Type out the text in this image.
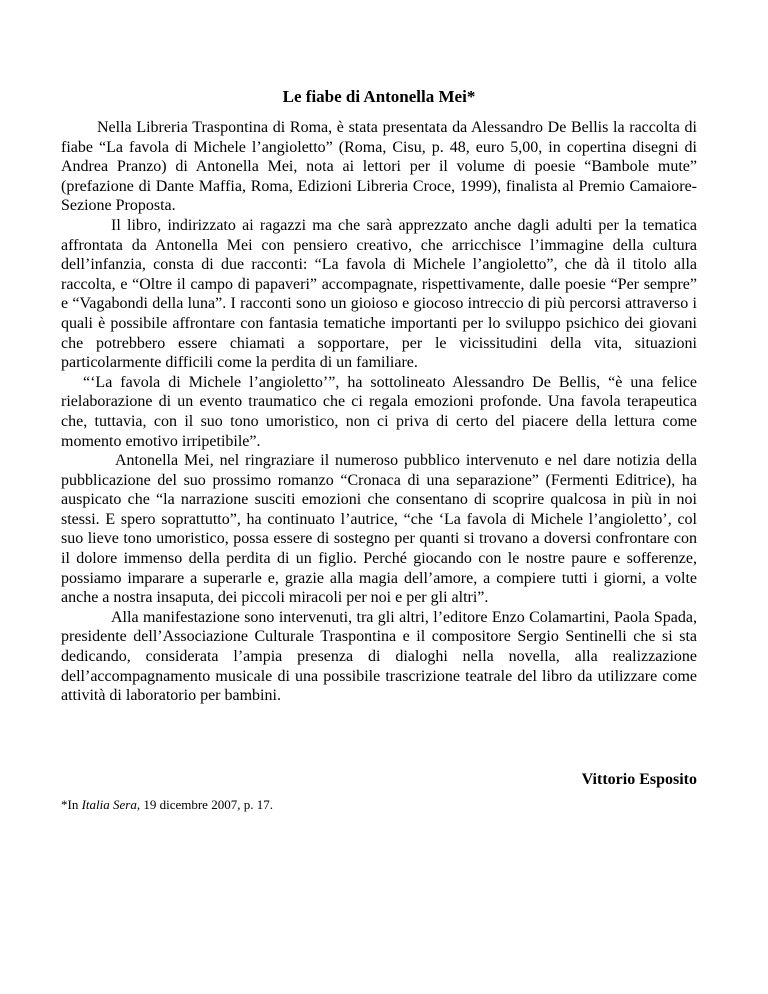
Le fiabe di Antonella Mei*

Nella Libreria Traspontina di Roma, è stata presentata da Alessandro De Bellis la raccolta di fiabe “La favola di Michele l’angioletto” (Roma, Cisu, p. 48, euro 5,00, in copertina disegni di Andrea Pranzo) di Antonella Mei, nota ai lettori per il volume di poesie “Bambole mute” (prefazione di Dante Maffia, Roma, Edizioni Libreria Croce, 1999), finalista al Premio Camaiore-Sezione Proposta.

Il libro, indirizzato ai ragazzi ma che sarà apprezzato anche dagli adulti per la tematica affrontata da Antonella Mei con pensiero creativo, che arricchisce l’immagine della cultura dell’infanzia, consta di due racconti: “La favola di Michele l’angioletto”, che dà il titolo alla raccolta, e “Oltre il campo di papaveri” accompagnate, rispettivamente, dalle poesie “Per sempre” e “Vagabondi della luna”. I racconti sono un gioioso e giocoso intreccio di più percorsi attraverso i quali è possibile affrontare con fantasia tematiche importanti per lo sviluppo psichico dei giovani che potrebbero essere chiamati a sopportare, per le vicissitudini della vita, situazioni particolarmente difficili come la perdita di un familiare.

“‘La favola di Michele l’angioletto’”, ha sottolineato Alessandro De Bellis, “è una felice rielaborazione di un evento traumatico che ci regala emozioni profonde. Una favola terapeutica che, tuttavia, con il suo tono umoristico, non ci priva di certo del piacere della lettura come momento emotivo irripetibile”.

Antonella Mei, nel ringraziare il numeroso pubblico intervenuto e nel dare notizia della pubblicazione del suo prossimo romanzo “Cronaca di una separazione” (Fermenti Editrice), ha auspicato che “la narrazione susciti emozioni che consentano di scoprire qualcosa in più in noi stessi. E spero soprattutto”, ha continuato l’autrice, “che ‘La favola di Michele l’angioletto’, col suo lieve tono umoristico, possa essere di sostegno per quanti si trovano a doversi confrontare con il dolore immenso della perdita di un figlio. Perché giocando con le nostre paure e sofferenze, possiamo imparare a superarle e, grazie alla magia dell’amore, a compiere tutti i giorni, a volte anche a nostra insaputa, dei piccoli miracoli per noi e per gli altri”.

Alla manifestazione sono intervenuti, tra gli altri, l’editore Enzo Colamartini, Paola Spada, presidente dell’Associazione Culturale Traspontina e il compositore Sergio Sentinelli che si sta dedicando, considerata l’ampia presenza di dialoghi nella novella, alla realizzazione dell’accompagnamento musicale di una possibile trascrizione teatrale del libro da utilizzare come attività di laboratorio per bambini.

Vittorio Esposito
*In Italia Sera, 19 dicembre 2007, p. 17.
